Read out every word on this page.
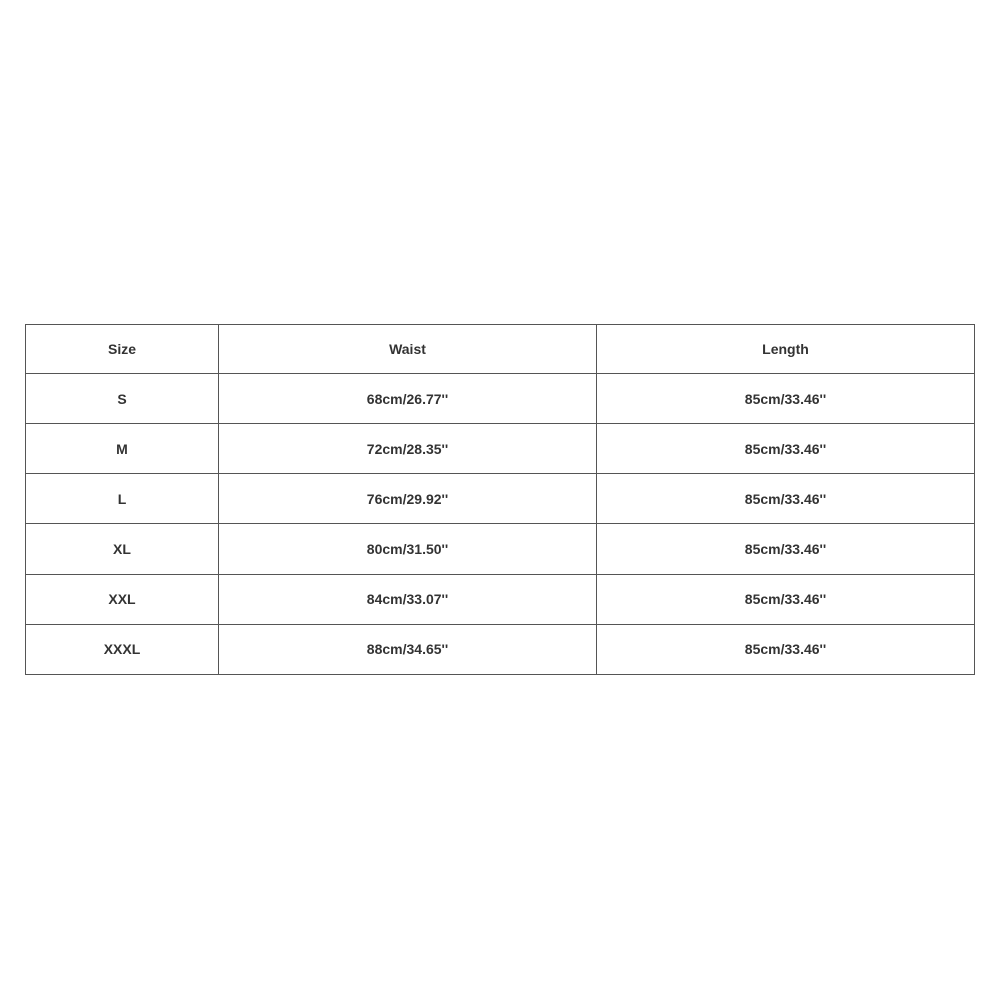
Size	Waist	Length
S	68cm/26.77''	85cm/33.46''
M	72cm/28.35''	85cm/33.46''
L	76cm/29.92''	85cm/33.46''
XL	80cm/31.50''	85cm/33.46''
XXL	84cm/33.07''	85cm/33.46''
XXXL	88cm/34.65''	85cm/33.46''
